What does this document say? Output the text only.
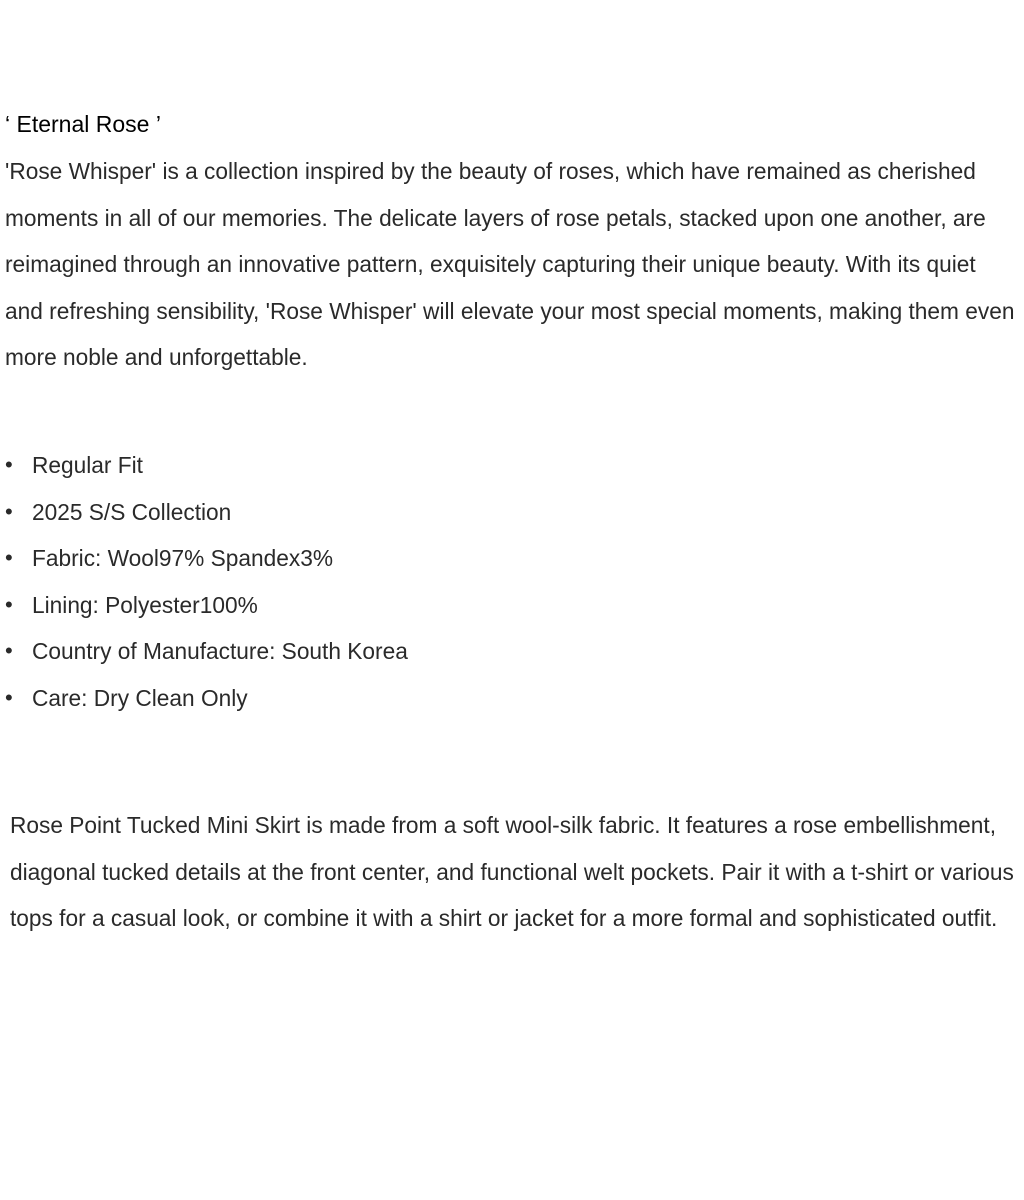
‘ Eternal Rose ’

'Rose Whisper' is a collection inspired by the beauty of roses, which have remained as cherished moments in all of our memories. The delicate layers of rose petals, stacked upon one another, are reimagined through an innovative pattern, exquisitely capturing their unique beauty. With its quiet and refreshing sensibility, 'Rose Whisper' will elevate your most special moments, making them even more noble and unforgettable.

• Regular Fit
• 2025 S/S Collection
• Fabric: Wool97% Spandex3%
• Lining: Polyester100%
• Country of Manufacture: South Korea
• Care: Dry Clean Only

Rose Point Tucked Mini Skirt is made from a soft wool-silk fabric. It features a rose embellishment, diagonal tucked details at the front center, and functional welt pockets. Pair it with a t-shirt or various tops for a casual look, or combine it with a shirt or jacket for a more formal and sophisticated outfit.
